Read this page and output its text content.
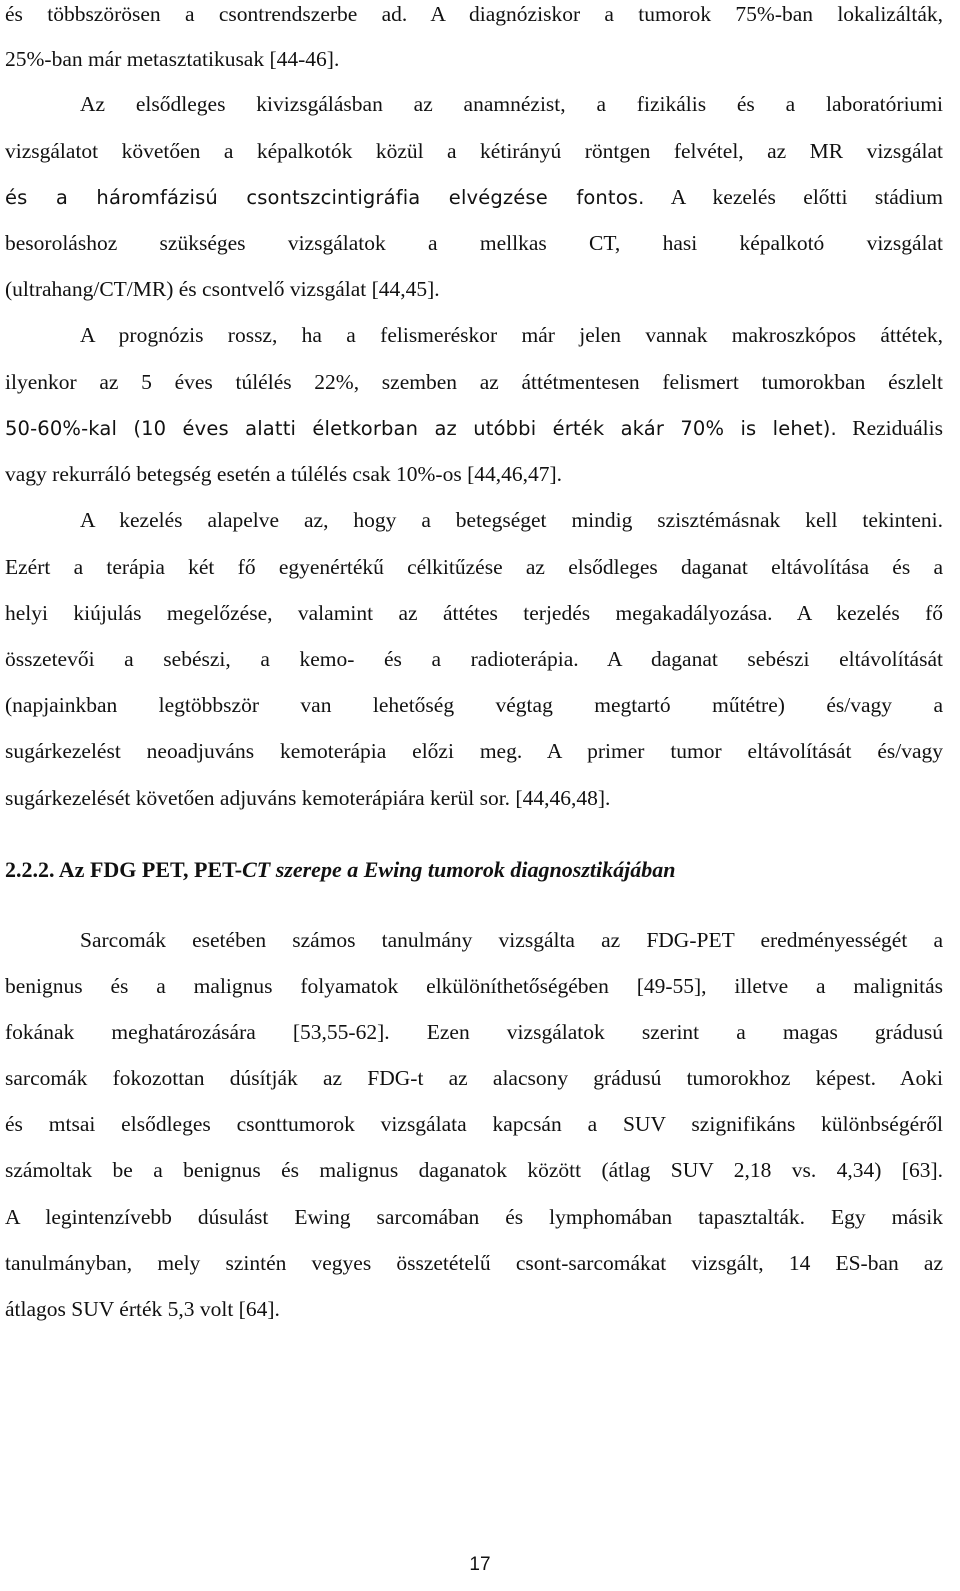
és többszörösen a csontrendszerbe ad. A diagnóziskor a tumorok 75%-ban lokalizálták,
25%-ban már metasztatikusak [44-46].
Az elsődleges kivizsgálásban az anamnézist, a fizikális és a laboratóriumi
vizsgálatot követően a képalkotók közül a kétirányú röntgen felvétel, az MR vizsgálat
és a háromfázisú csontszcintigráfia elvégzése fontos. A kezelés előtti stádium
besoroláshoz szükséges vizsgálatok a mellkas CT, hasi képalkotó vizsgálat
(ultrahang/CT/MR) és csontvelő vizsgálat [44,45].
A prognózis rossz, ha a felismeréskor már jelen vannak makroszkópos áttétek,
ilyenkor az 5 éves túlélés 22%, szemben az áttétmentesen felismert tumorokban észlelt
50-60%-kal (10 éves alatti életkorban az utóbbi érték akár 70% is lehet). Reziduális
vagy rekurráló betegség esetén a túlélés csak 10%-os [44,46,47].
A kezelés alapelve az, hogy a betegséget mindig szisztémásnak kell tekinteni.
Ezért a terápia két fő egyenértékű célkitűzése az elsődleges daganat eltávolítása és a
helyi kiújulás megelőzése, valamint az áttétes terjedés megakadályozása. A kezelés fő
összetevői a sebészi, a kemo- és a radioterápia. A daganat sebészi eltávolítását
(napjainkban legtöbbször van lehetőség végtag megtartó műtétre) és/vagy a
sugárkezelést neoadjuváns kemoterápia előzi meg. A primer tumor eltávolítását és/vagy
sugárkezelését követően adjuváns kemoterápiára kerül sor. [44,46,48].
2.2.2. Az FDG PET, PET-CT szerepe a Ewing tumorok diagnosztikájában
Sarcomák esetében számos tanulmány vizsgálta az FDG-PET eredményességét a
benignus és a malignus folyamatok elkülöníthetőségében [49-55], illetve a malignitás
fokának meghatározására [53,55-62]. Ezen vizsgálatok szerint a magas grádusú
sarcomák fokozottan dúsítják az FDG-t az alacsony grádusú tumorokhoz képest. Aoki
és mtsai elsődleges csonttumorok vizsgálata kapcsán a SUV szignifikáns különbségéről
számoltak be a benignus és malignus daganatok között (átlag SUV 2,18 vs. 4,34) [63].
A legintenzívebb dúsulást Ewing sarcomában és lymphomában tapasztalták. Egy másik
tanulmányban, mely szintén vegyes összetételű csont-sarcomákat vizsgált, 14 ES-ban az
átlagos SUV érték 5,3 volt [64].
17
